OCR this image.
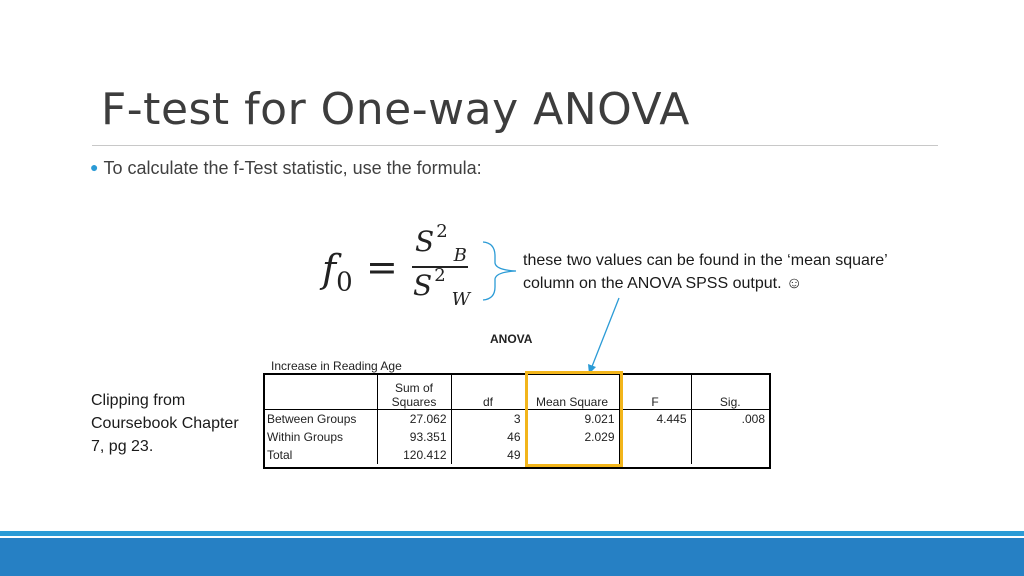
F-test for One-way ANOVA
● To calculate the f-Test statistic, use the formula:
$f_0$ =
S $^2_B$
S $^2_W$
these two values can be found in the ‘mean square’ column on the ANOVA SPSS output. ☺
Clipping from Coursebook Chapter 7, pg 23.
ANOVA
Increase in Reading Age
	Sum of Squares	df	Mean Square	F	Sig.
Between Groups	27.062	3	9.021	4.445	.008
Within Groups	93.351	46	2.029		
Total	120.412	49			
